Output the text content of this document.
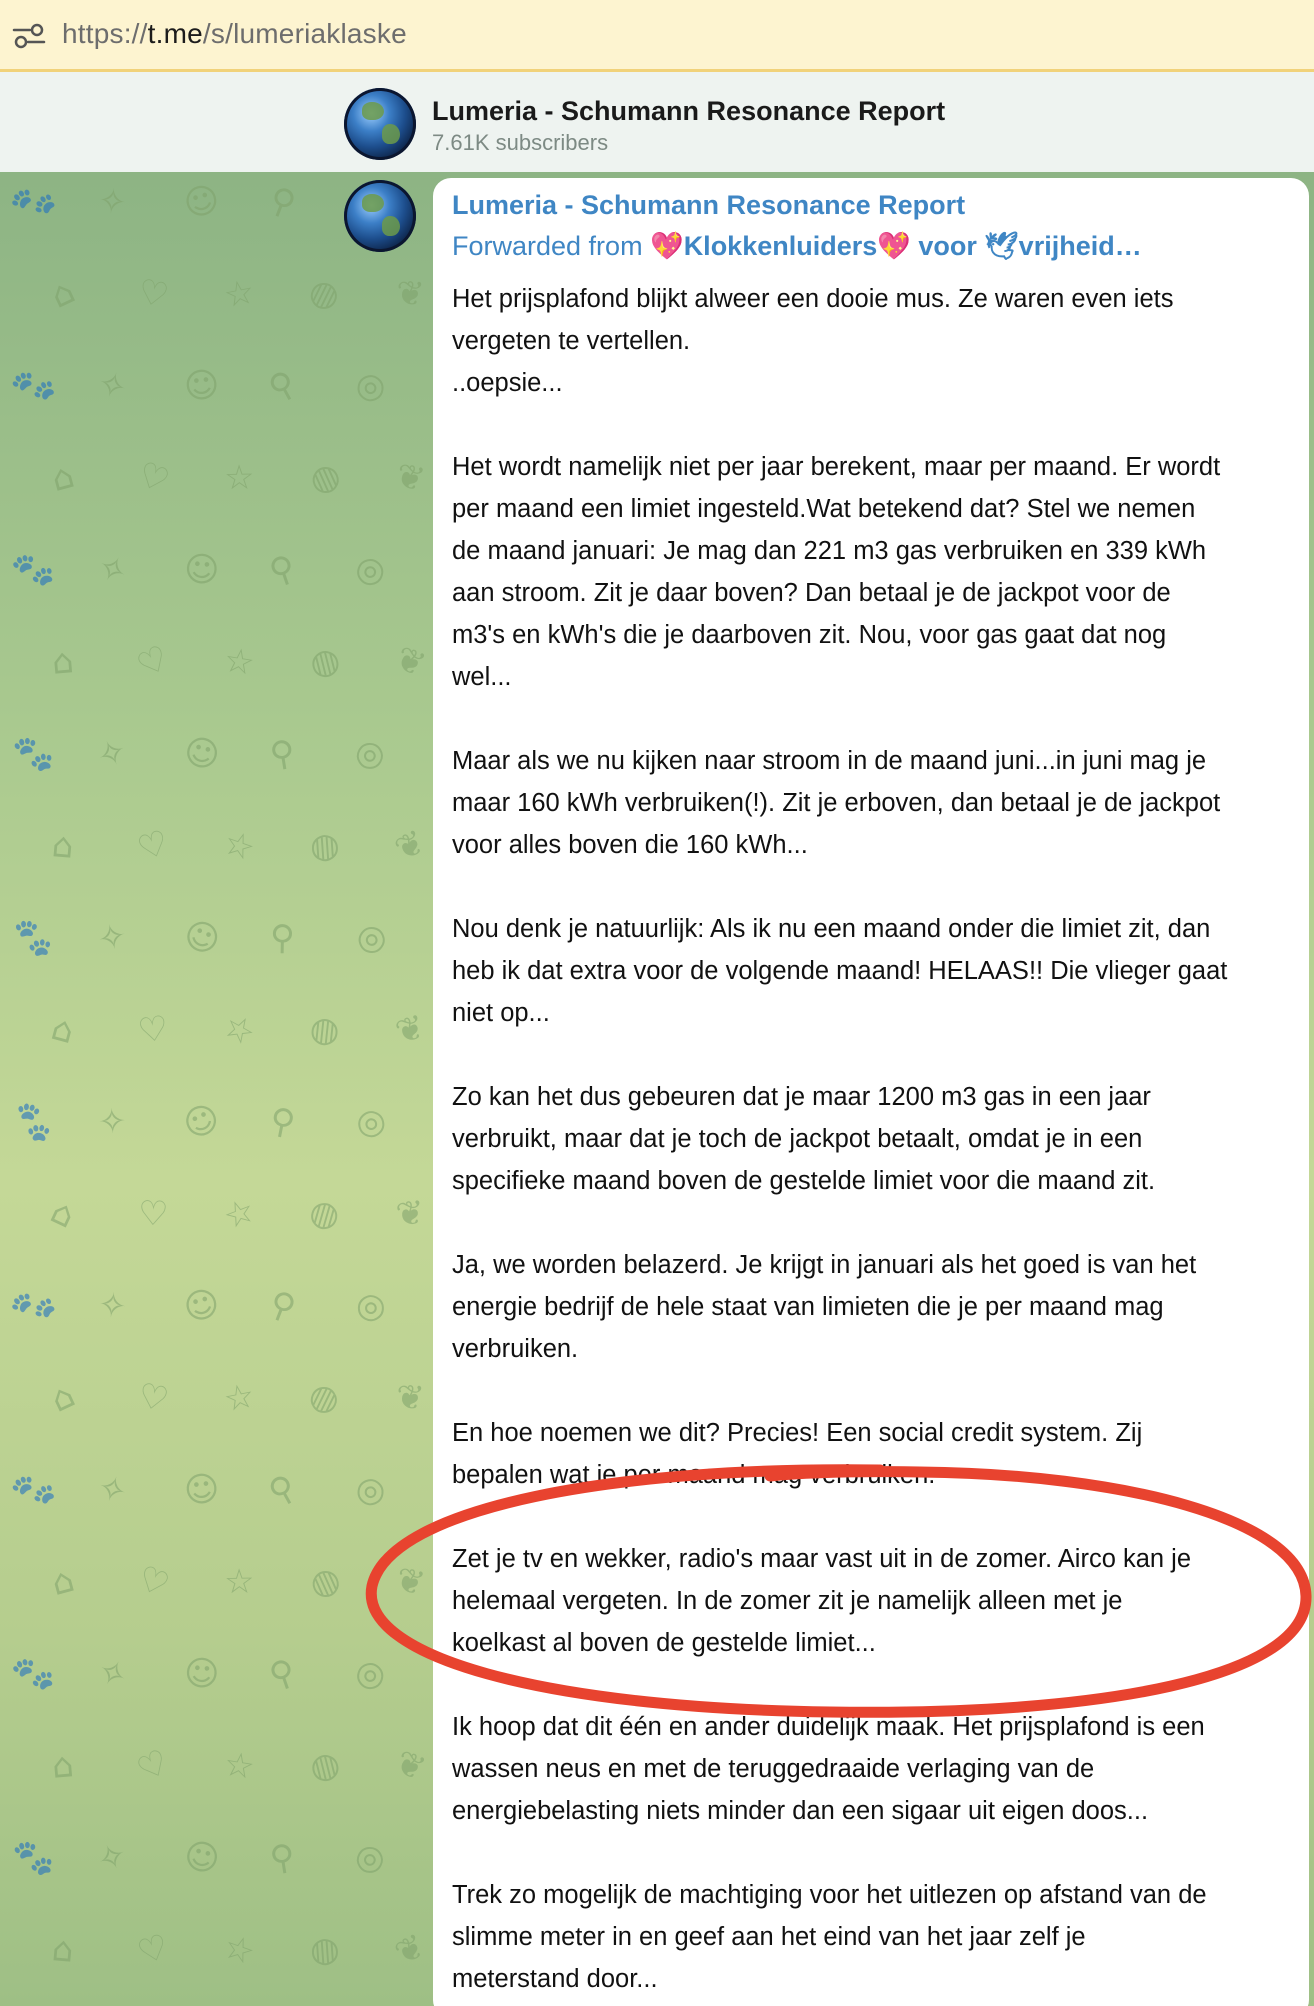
https://t.me/s/lumeriaklaske
Lumeria - Schumann Resonance Report
7.61K subscribers
🐾 ✧ ☺ ⚲
⌂ ♡ ☆ ◍ ❦
🐾 ✧ ☺ ⚲ ◎
⌂ ♡ ☆ ◍ ❦
🐾 ✧ ☺ ⚲ ◎
⌂ ♡ ☆ ◍ ❦
🐾 ✧ ☺ ⚲ ◎
⌂ ♡ ☆ ◍ ❦
🐾 ✧ ☺ ⚲ ◎
⌂ ♡ ☆ ◍ ❦
🐾 ✧ ☺ ⚲ ◎
⌂ ♡ ☆ ◍ ❦
🐾 ✧ ☺ ⚲ ◎
⌂ ♡ ☆ ◍ ❦
🐾 ✧ ☺ ⚲ ◎
⌂ ♡ ☆ ◍ ❦
🐾 ✧ ☺ ⚲ ◎
⌂ ♡ ☆ ◍ ❦
🐾 ✧ ☺ ⚲ ◎
⌂ ♡ ☆ ◍ ❦
Lumeria - Schumann Resonance Report
Forwarded from 💖Klokkenluiders💖 voor 🕊vrijheid…
Het prijsplafond blijkt alweer een dooie mus. Ze waren even iets
vergeten te vertellen.
..oepsie...
Het wordt namelijk niet per jaar berekent, maar per maand. Er wordt
per maand een limiet ingesteld.Wat betekend dat? Stel we nemen
de maand januari: Je mag dan 221 m3 gas verbruiken en 339 kWh
aan stroom. Zit je daar boven? Dan betaal je de jackpot voor de
m3's en kWh's die je daarboven zit. Nou, voor gas gaat dat nog
wel...
Maar als we nu kijken naar stroom in de maand juni...in juni mag je
maar 160 kWh verbruiken(!). Zit je erboven, dan betaal je de jackpot
voor alles boven die 160 kWh...
Nou denk je natuurlijk: Als ik nu een maand onder die limiet zit, dan
heb ik dat extra voor de volgende maand! HELAAS!! Die vlieger gaat
niet op...
Zo kan het dus gebeuren dat je maar 1200 m3 gas in een jaar
verbruikt, maar dat je toch de jackpot betaalt, omdat je in een
specifieke maand boven de gestelde limiet voor die maand zit.
Ja, we worden belazerd. Je krijgt in januari als het goed is van het
energie bedrijf de hele staat van limieten die je per maand mag
verbruiken.
En hoe noemen we dit? Precies! Een social credit system. Zij
bepalen wat je per maand mag verbruiken.
Zet je tv en wekker, radio's maar vast uit in de zomer. Airco kan je
helemaal vergeten. In de zomer zit je namelijk alleen met je
koelkast al boven de gestelde limiet...
Ik hoop dat dit één en ander duidelijk maak. Het prijsplafond is een
wassen neus en met de teruggedraaide verlaging van de
energiebelasting niets minder dan een sigaar uit eigen doos...
Trek zo mogelijk de machtiging voor het uitlezen op afstand van de
slimme meter in en geef aan het eind van het jaar zelf je
meterstand door...
